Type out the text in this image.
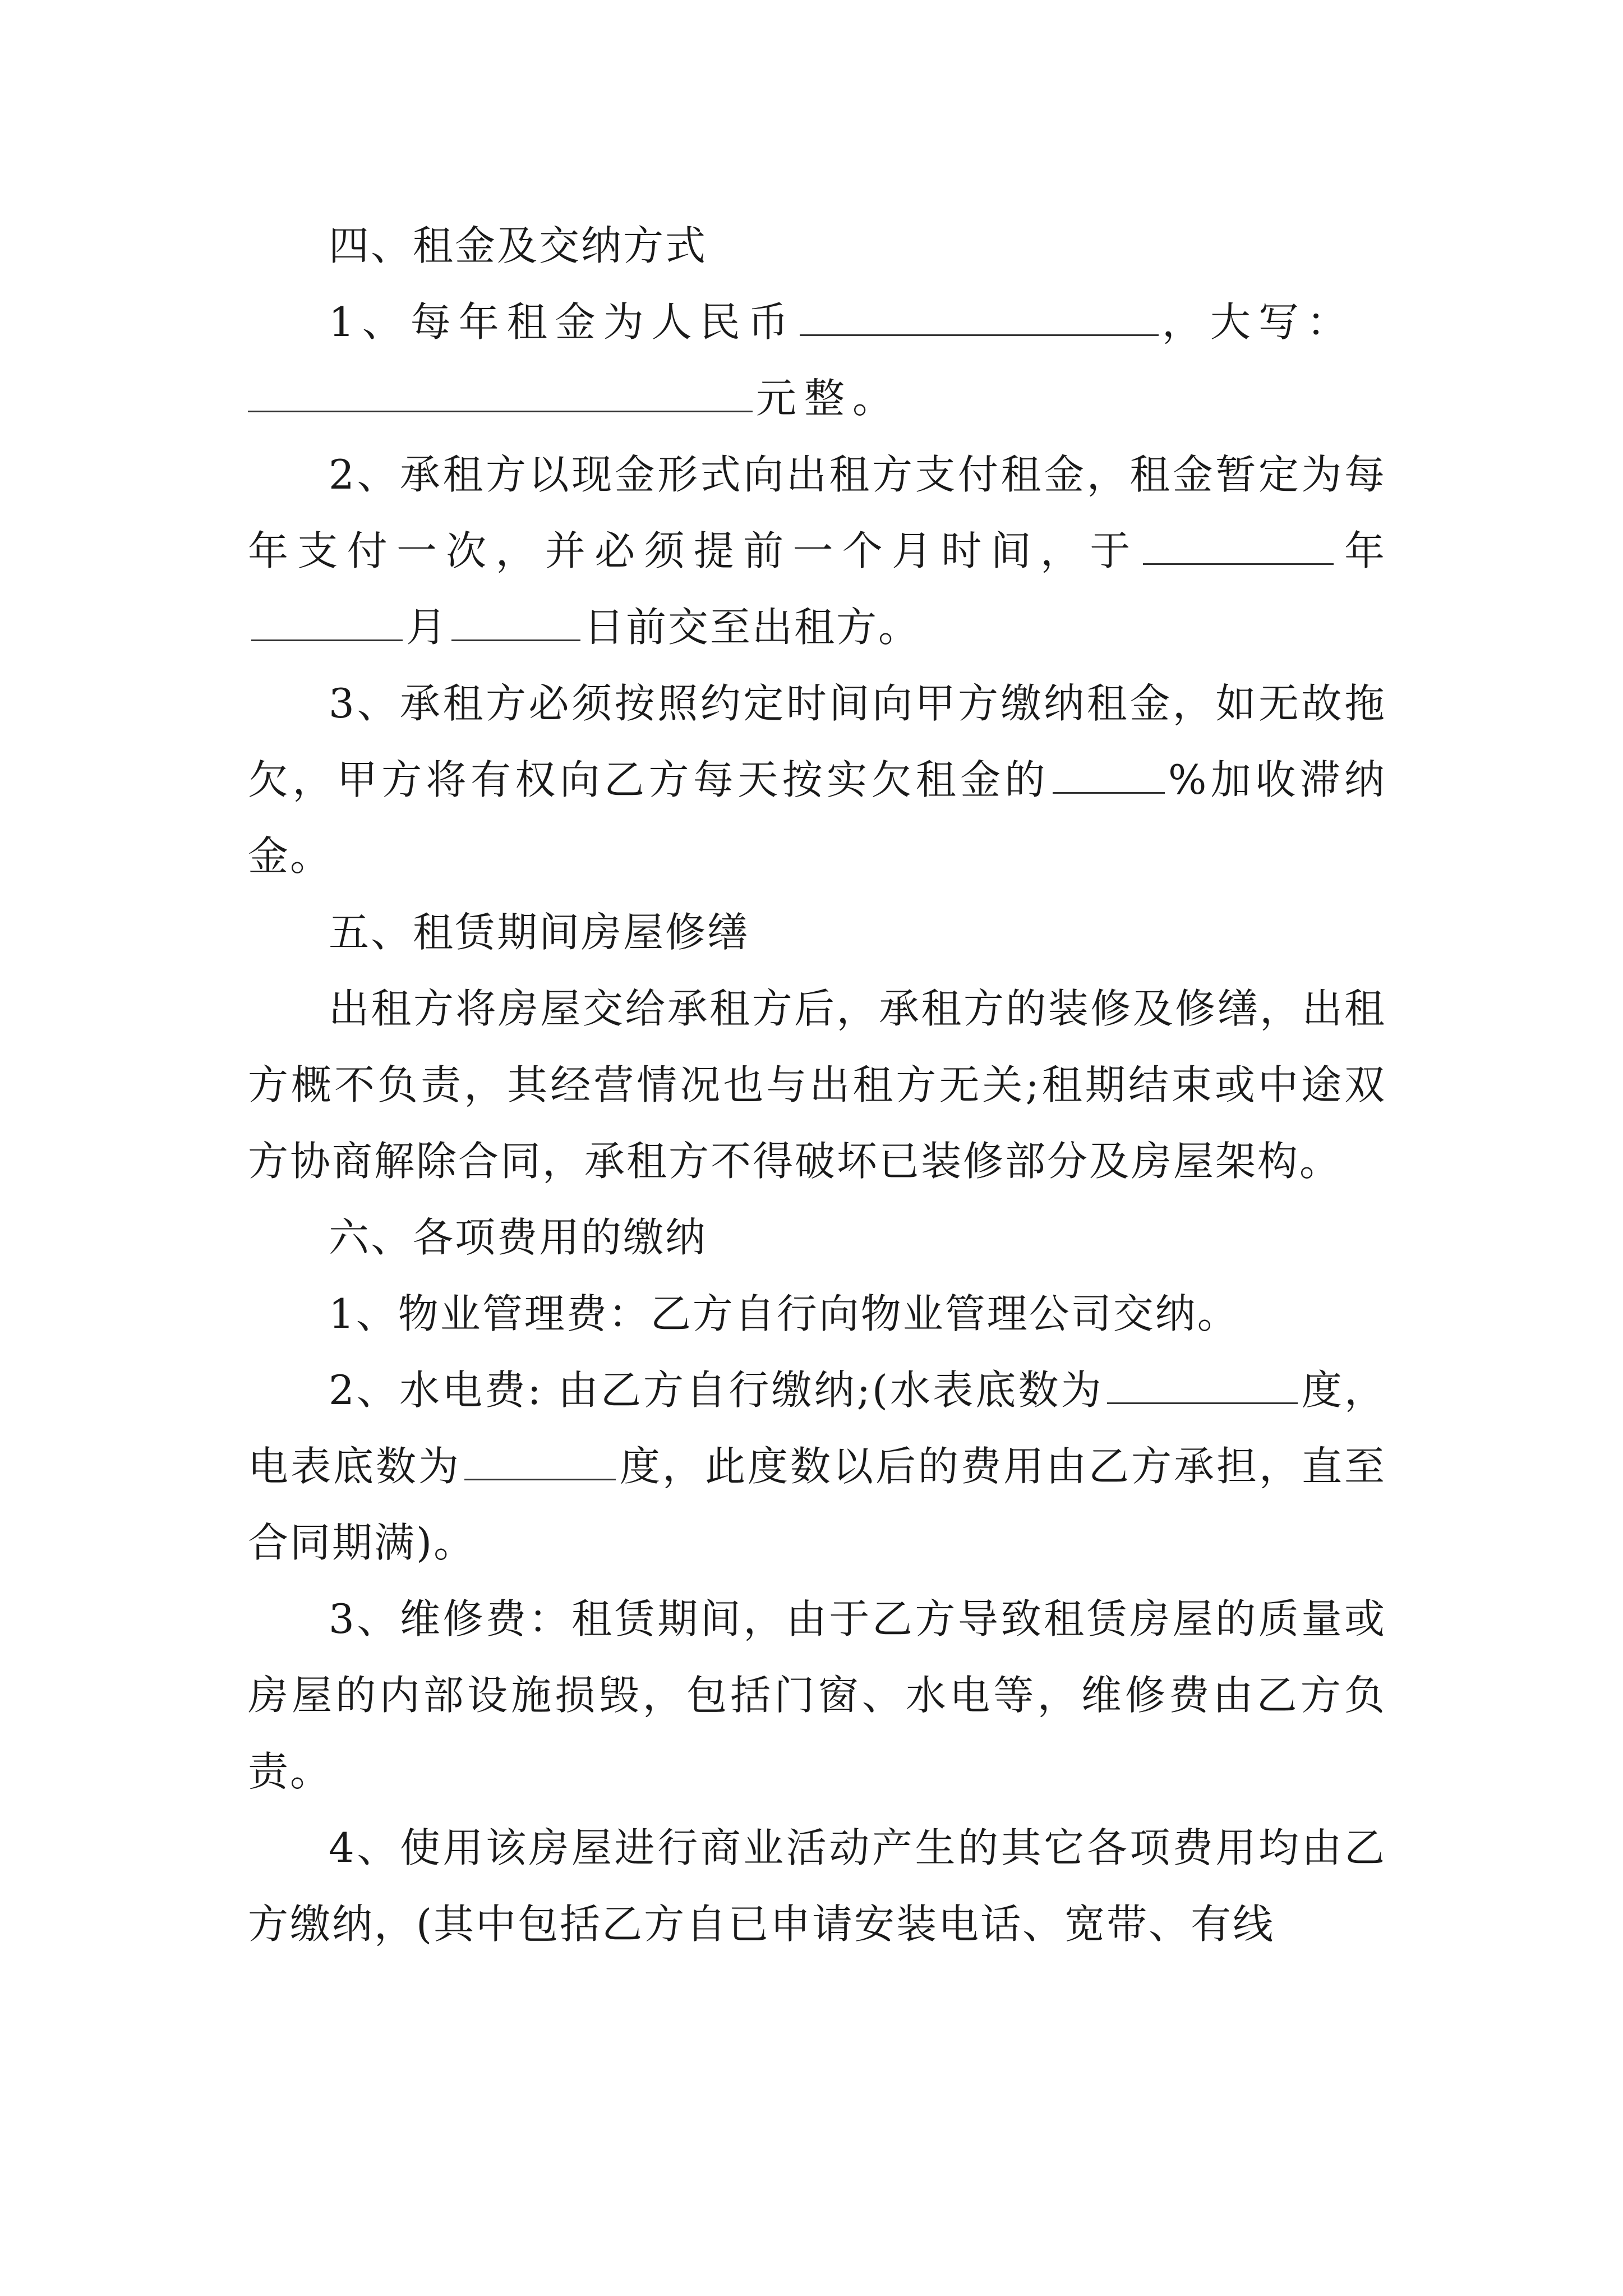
四、租金及交纳方式

1、每年租金为人民币	，大写：
元整。

2、承租方以现金形式向出租方支付租金，租金暂定为每年支付一次，并必须提前一个月时间，于	年月	日前交至出租方。

3、承租方必须按照约定时间向甲方缴纳租金，如无故拖欠，甲方将有权向乙方每天按实欠租金的	%加收滞纳金。

五、租赁期间房屋修缮

出租方将房屋交给承租方后，承租方的装修及修缮，出租方概不负责，其经营情况也与出租方无关;租期结束或中途双方协商解除合同，承租方不得破坏已装修部分及房屋架构。

六、各项费用的缴纳

1、物业管理费：乙方自行向物业管理公司交纳。

2、水电费: 由乙方自行缴纳;(水表底数为	度，电表底数为	度，此度数以后的费用由乙方承担，直至合同期满)。

3、维修费：租赁期间，由于乙方导致租赁房屋的质量或房屋的内部设施损毁，包括门窗、水电等，维修费由乙方负责。

4、使用该房屋进行商业活动产生的其它各项费用均由乙方缴纳，(其中包括乙方自已申请安装电话、宽带、有线
